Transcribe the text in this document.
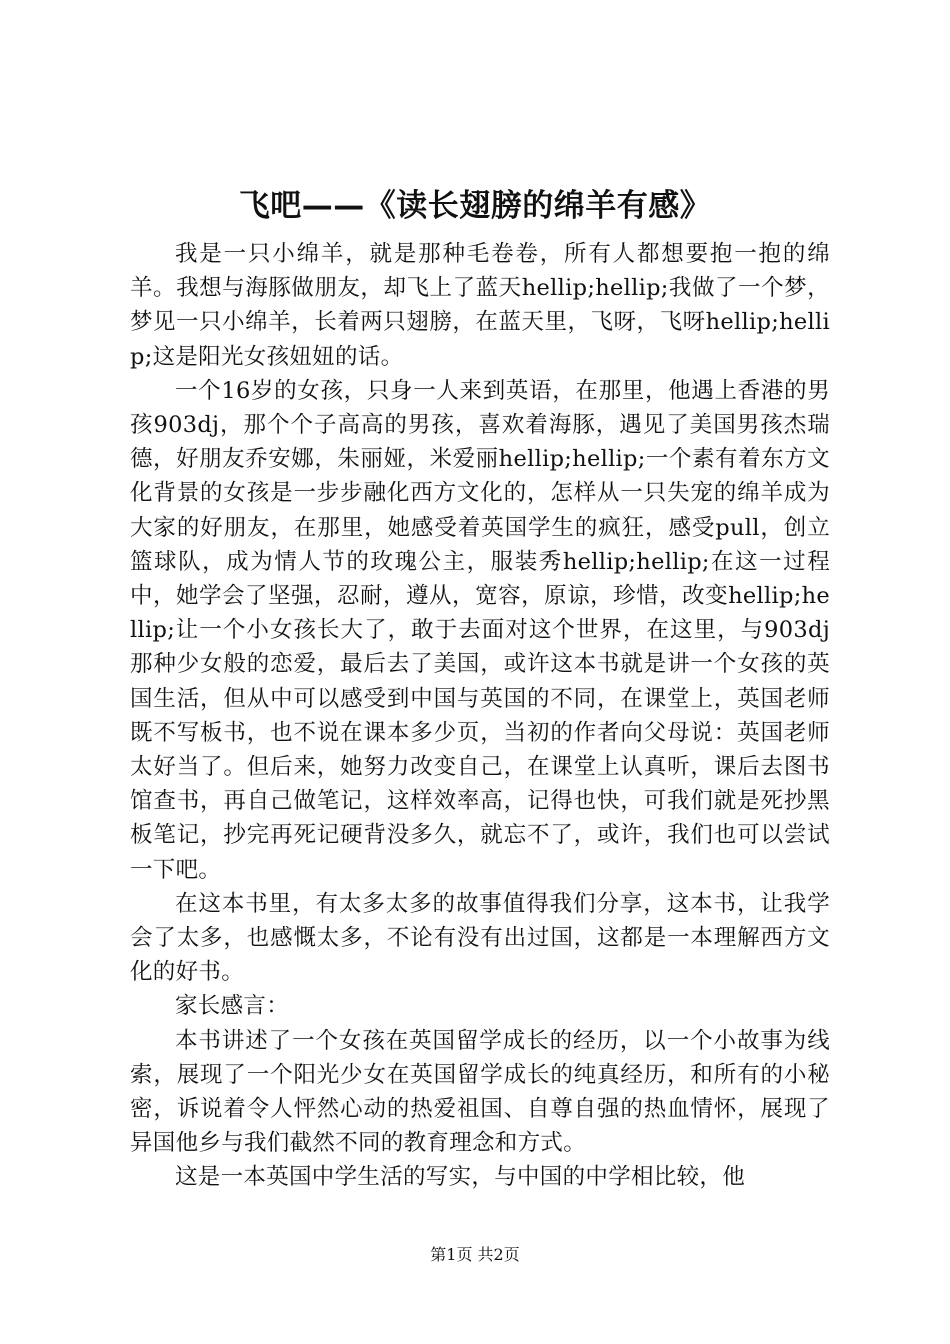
飞吧——《读长翅膀的绵羊有感》

我是一只小绵羊，就是那种毛卷卷，所有人都想要抱一抱的绵羊。我想与海豚做朋友，却飞上了蓝天hellip;hellip;我做了一个梦，梦见一只小绵羊，长着两只翅膀，在蓝天里，飞呀，飞呀hellip;hellip;这是阳光女孩妞妞的话。

一个16岁的女孩，只身一人来到英语，在那里，他遇上香港的男孩903dj，那个个子高高的男孩，喜欢着海豚，遇见了美国男孩杰瑞德，好朋友乔安娜，朱丽娅，米爱丽hellip;hellip;一个素有着东方文化背景的女孩是一步步融化西方文化的，怎样从一只失宠的绵羊成为大家的好朋友，在那里，她感受着英国学生的疯狂，感受pull，创立篮球队，成为情人节的玫瑰公主，服装秀hellip;hellip;在这一过程中，她学会了坚强，忍耐，遵从，宽容，原谅，珍惜，改变hellip;hellip;让一个小女孩长大了，敢于去面对这个世界，在这里，与903dj那种少女般的恋爱，最后去了美国，或许这本书就是讲一个女孩的英国生活，但从中可以感受到中国与英国的不同，在课堂上，英国老师既不写板书，也不说在课本多少页，当初的作者向父母说：英国老师太好当了。但后来，她努力改变自己，在课堂上认真听，课后去图书馆查书，再自己做笔记，这样效率高，记得也快，可我们就是死抄黑板笔记，抄完再死记硬背没多久，就忘不了，或许，我们也可以尝试一下吧。

在这本书里，有太多太多的故事值得我们分享，这本书，让我学会了太多，也感慨太多，不论有没有出过国，这都是一本理解西方文化的好书。

家长感言：

本书讲述了一个女孩在英国留学成长的经历，以一个小故事为线索，展现了一个阳光少女在英国留学成长的纯真经历，和所有的小秘密，诉说着令人怦然心动的热爱祖国、自尊自强的热血情怀，展现了异国他乡与我们截然不同的教育理念和方式。

这是一本英国中学生活的写实，与中国的中学相比较，他

第1页 共2页
